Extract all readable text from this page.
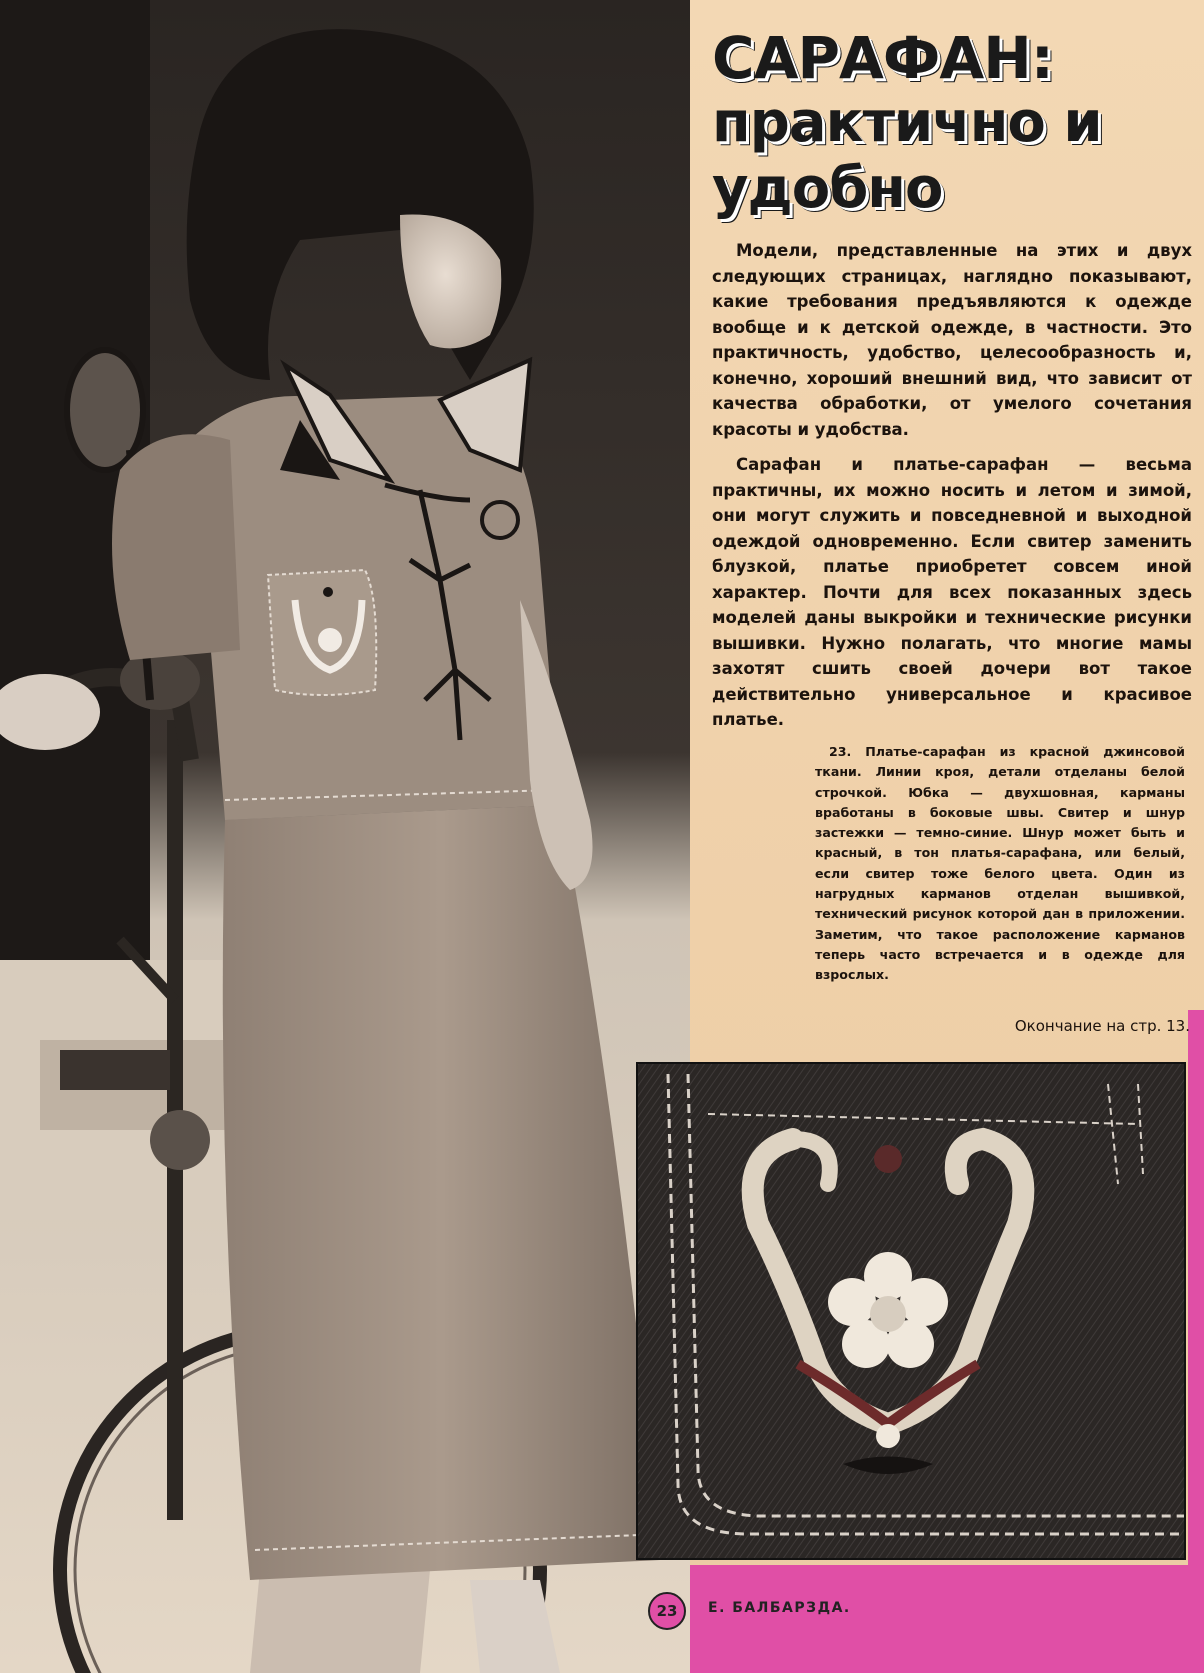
САРАФАН:
практично и
удобно

Модели, представленные на этих и двух следующих страницах, наглядно показывают, какие требования предъявляются к одежде вообще и к детской одежде, в частности. Это практичность, удобство, целесообразность и, конечно, хороший внешний вид, что зависит от качества обработки, от умелого сочетания красоты и удобства.

Сарафан и платье-сарафан — весьма практичны, их можно носить и летом и зимой, они могут служить и повседневной и выходной одеждой одновременно. Если свитер заменить блузкой, платье приобретет совсем иной характер. Почти для всех показанных здесь моделей даны выкройки и технические рисунки вышивки. Нужно полагать, что многие мамы захотят сшить своей дочери вот такое действительно универсальное и красивое платье.

23. Платье-сарафан из красной джинсовой ткани. Линии кроя, детали отделаны белой строчкой. Юбка — двухшовная, карманы вработаны в боковые швы. Свитер и шнур застежки — темно-синие. Шнур может быть и красный, в тон платья-сарафана, или белый, если свитер тоже белого цвета. Один из нагрудных карманов отделан вышивкой, технический рисунок которой дан в приложении. Заметим, что такое расположение карманов теперь часто встречается и в одежде для взрослых.

Окончание на стр. 13.

23	Е. БАЛБАРЗДА.
